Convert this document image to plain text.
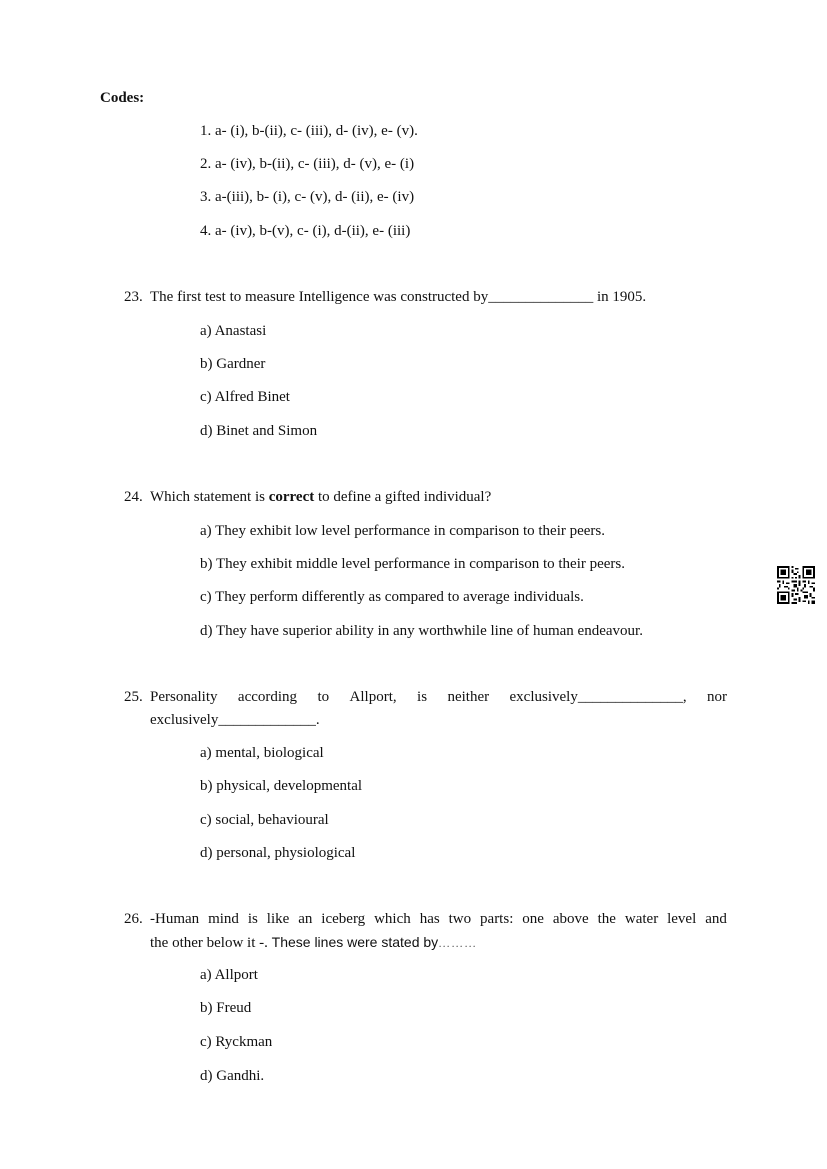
Codes:
1. a- (i), b-(ii), c- (iii), d- (iv), e- (v).
2. a- (iv), b-(ii), c- (iii), d- (v), e- (i)
3. a-(iii), b- (i), c- (v), d- (ii), e- (iv)
4. a- (iv), b-(v), c- (i), d-(ii), e- (iii)
23. The first test to measure Intelligence was constructed by______________ in 1905.
a) Anastasi
b) Gardner
c) Alfred Binet
d) Binet and Simon
24. Which statement is correct to define a gifted individual?
a) They exhibit low level performance in comparison to their peers.
b) They exhibit middle level performance in comparison to their peers.
c) They perform differently as compared to average individuals.
d) They have superior ability in any worthwhile line of human endeavour.
25. Personality according to Allport, is neither exclusively______________, nor
exclusively_____________.
a) mental, biological
b) physical, developmental
c) social, behavioural
d) personal, physiological
26. -Human mind is like an iceberg which has two parts: one above the water level and
the other below it -. These lines were stated by………
a) Allport
b) Freud
c) Ryckman
d) Gandhi.
